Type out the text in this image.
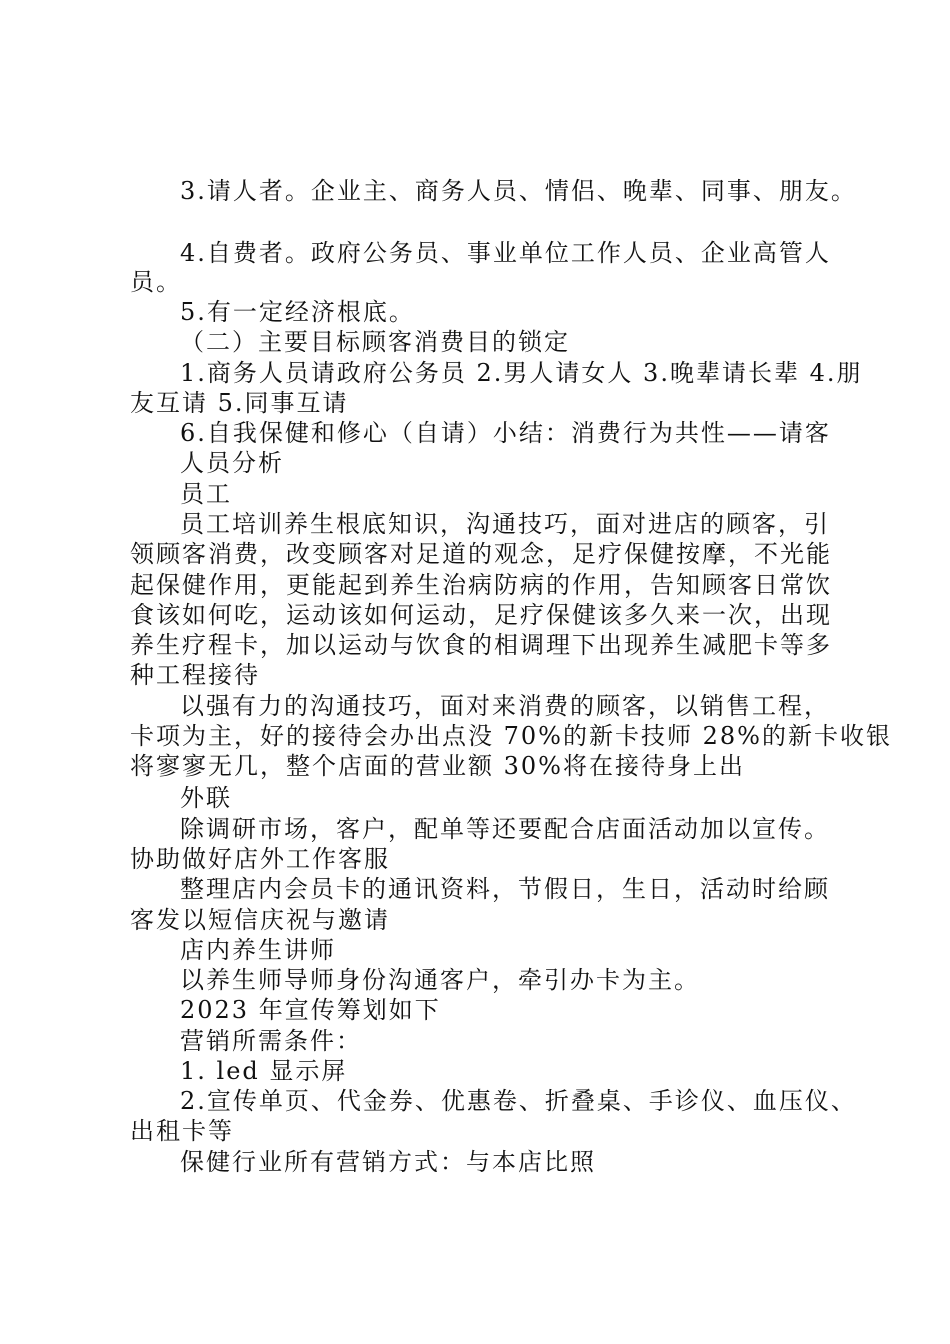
3.请人者。企业主、商务人员、情侣、晚辈、同事、朋友。
4.自费者。政府公务员、事业单位工作人员、企业高管人
员。
5.有一定经济根底。
（二）主要目标顾客消费目的锁定
1.商务人员请政府公务员 2.男人请女人 3.晚辈请长辈 4.朋
友互请 5.同事互请
6.自我保健和修心（自请）小结：消费行为共性——请客
人员分析
员工
员工培训养生根底知识，沟通技巧，面对进店的顾客，引
领顾客消费，改变顾客对足道的观念，足疗保健按摩，不光能
起保健作用，更能起到养生治病防病的作用，告知顾客日常饮
食该如何吃，运动该如何运动，足疗保健该多久来一次，出现
养生疗程卡，加以运动与饮食的相调理下出现养生减肥卡等多
种工程接待
以强有力的沟通技巧，面对来消费的顾客，以销售工程，
卡项为主，好的接待会办出点没 70%的新卡技师 28%的新卡收银
将寥寥无几，整个店面的营业额 30%将在接待身上出
外联
除调研市场，客户，配单等还要配合店面活动加以宣传。
协助做好店外工作客服
整理店内会员卡的通讯资料，节假日，生日，活动时给顾
客发以短信庆祝与邀请
店内养生讲师
以养生师导师身份沟通客户，牵引办卡为主。
2023 年宣传筹划如下
营销所需条件：
1. led 显示屏
2.宣传单页、代金券、优惠卷、折叠桌、手诊仪、血压仪、
出租卡等
保健行业所有营销方式：与本店比照
